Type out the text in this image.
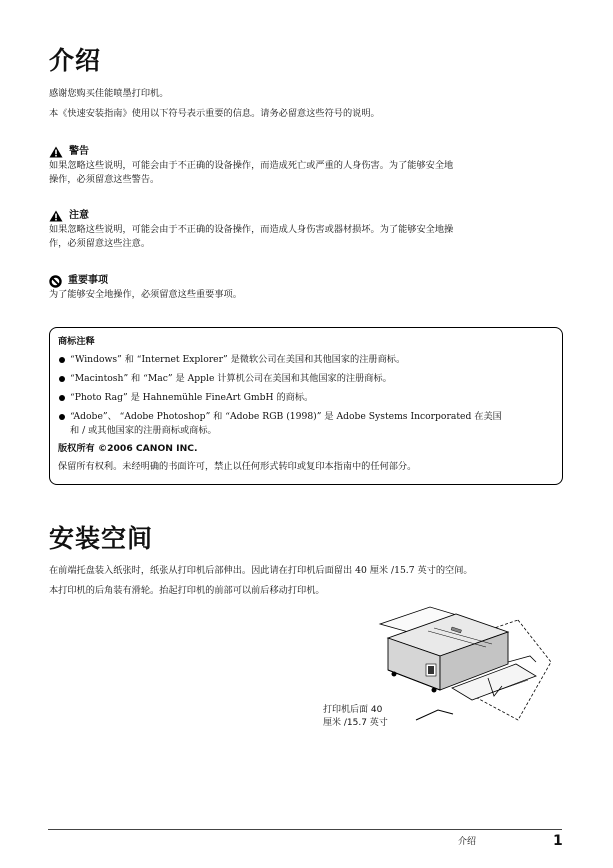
介绍
感谢您购买佳能喷墨打印机。
本《快速安装指南》使用以下符号表示重要的信息。请务必留意这些符号的说明。
警告
如果忽略这些说明，可能会由于不正确的设备操作，而造成死亡或严重的人身伤害。为了能够安全地
操作，必须留意这些警告。
注意
如果忽略这些说明，可能会由于不正确的设备操作，而造成人身伤害或器材损坏。为了能够安全地操
作，必须留意这些注意。
重要事项
为了能够安全地操作，必须留意这些重要事项。
商标注释
“Windows” 和 “Internet Explorer” 是微软公司在美国和其他国家的注册商标。
“Macintosh” 和 “Mac” 是 Apple 计算机公司在美国和其他国家的注册商标。
“Photo Rag” 是 Hahnemühle FineArt GmbH 的商标。
“Adobe”、 “Adobe Photoshop” 和 “Adobe RGB (1998)” 是 Adobe Systems Incorporated 在美国
和 / 或其他国家的注册商标或商标。
版权所有 ©2006 CANON INC.
保留所有权利。未经明确的书面许可，禁止以任何形式转印或复印本指南中的任何部分。
安装空间
在前端托盘装入纸张时，纸张从打印机后部伸出。因此请在打印机后面留出 40 厘米 /15.7 英寸的空间。
本打印机的后角装有滑轮。抬起打印机的前部可以前后移动打印机。
打印机后面 40
厘米 /15.7 英寸
介绍	1
